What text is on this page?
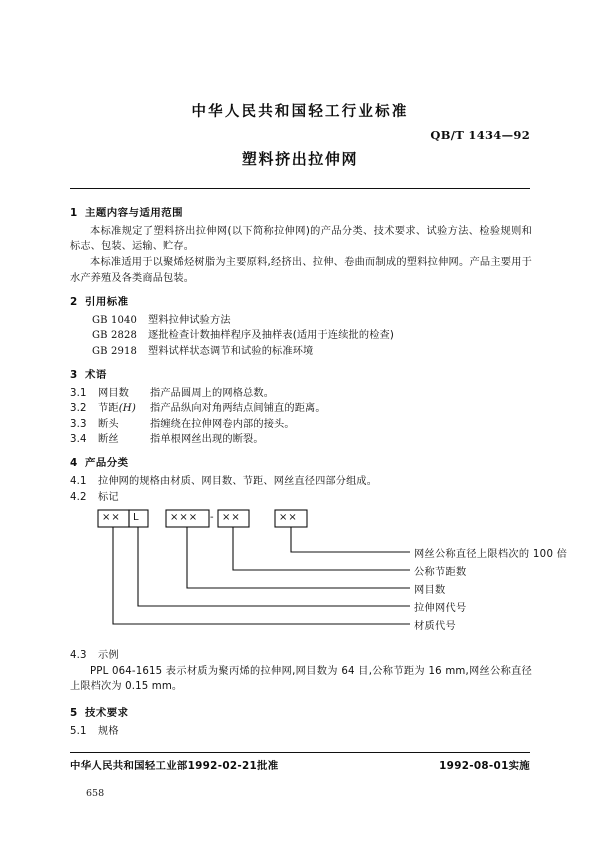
中华人民共和国轻工行业标准
QB/T 1434—92
塑料挤出拉伸网
1 主题内容与适用范围

本标准规定了塑料挤出拉伸网(以下简称拉伸网)的产品分类、技术要求、试验方法、检验规则和标志、包装、运输、贮存。

本标准适用于以聚烯烃树脂为主要原料,经挤出、拉伸、卷曲而制成的塑料拉伸网。产品主要用于水产养殖及各类商品包装。

2 引用标准
GB 1040 塑料拉伸试验方法
GB 2828 逐批检查计数抽样程序及抽样表(适用于连续批的检查)
GB 2918 塑料试样状态调节和试验的标准环境
3 术语
3.1 网目数 指产品圆周上的网格总数。
3.2 节距(H) 指产品纵向对角两结点间铺直的距离。
3.3 断头	指缠绕在拉伸网卷内部的接头。
3.4 断丝	指单根网丝出现的断裂。
4 产品分类
4.1 拉伸网的规格由材质、网目数、节距、网丝直径四部分组成。
4.2 标记
×× L	××× - ××	××
网丝公称直径上限档次的 100 倍
公称节距数
网目数
拉伸网代号
材质代号
4.3 示例

PPL 064-1615 表示材质为聚丙烯的拉伸网,网目数为 64 目,公称节距为 16 mm,网丝公称直径上限档次为 0.15 mm。

5 技术要求
5.1 规格
中华人民共和国轻工业部1992-02-21批准	1992-08-01实施
658
